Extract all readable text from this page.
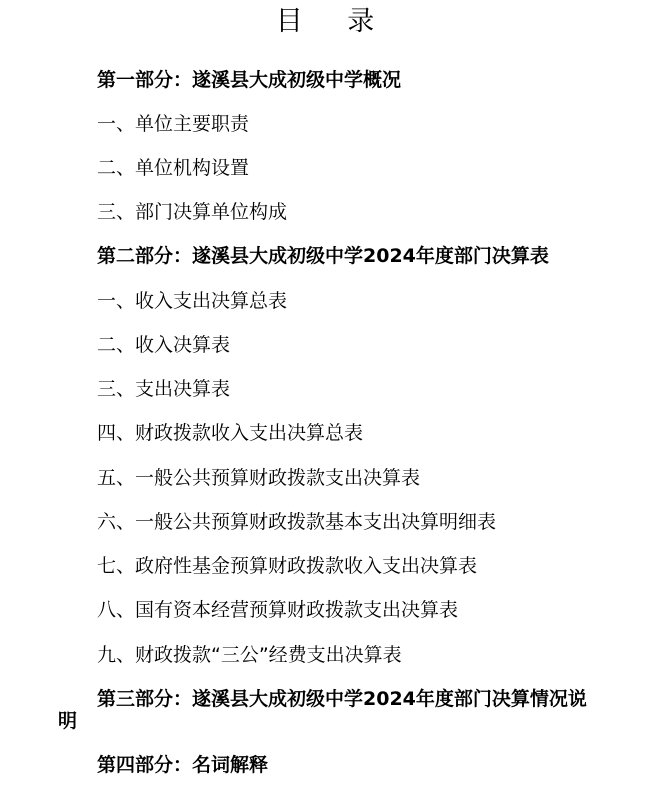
目 录
第一部分：遂溪县大成初级中学概况
一、单位主要职责
二、单位机构设置
三、部门决算单位构成
第二部分：遂溪县大成初级中学2024年度部门决算表
一、收入支出决算总表
二、收入决算表
三、支出决算表
四、财政拨款收入支出决算总表
五、一般公共预算财政拨款支出决算表
六、一般公共预算财政拨款基本支出决算明细表
七、政府性基金预算财政拨款收入支出决算表
八、国有资本经营预算财政拨款支出决算表
九、财政拨款“三公”经费支出决算表
第三部分：遂溪县大成初级中学2024年度部门决算情况说明
第四部分：名词解释
